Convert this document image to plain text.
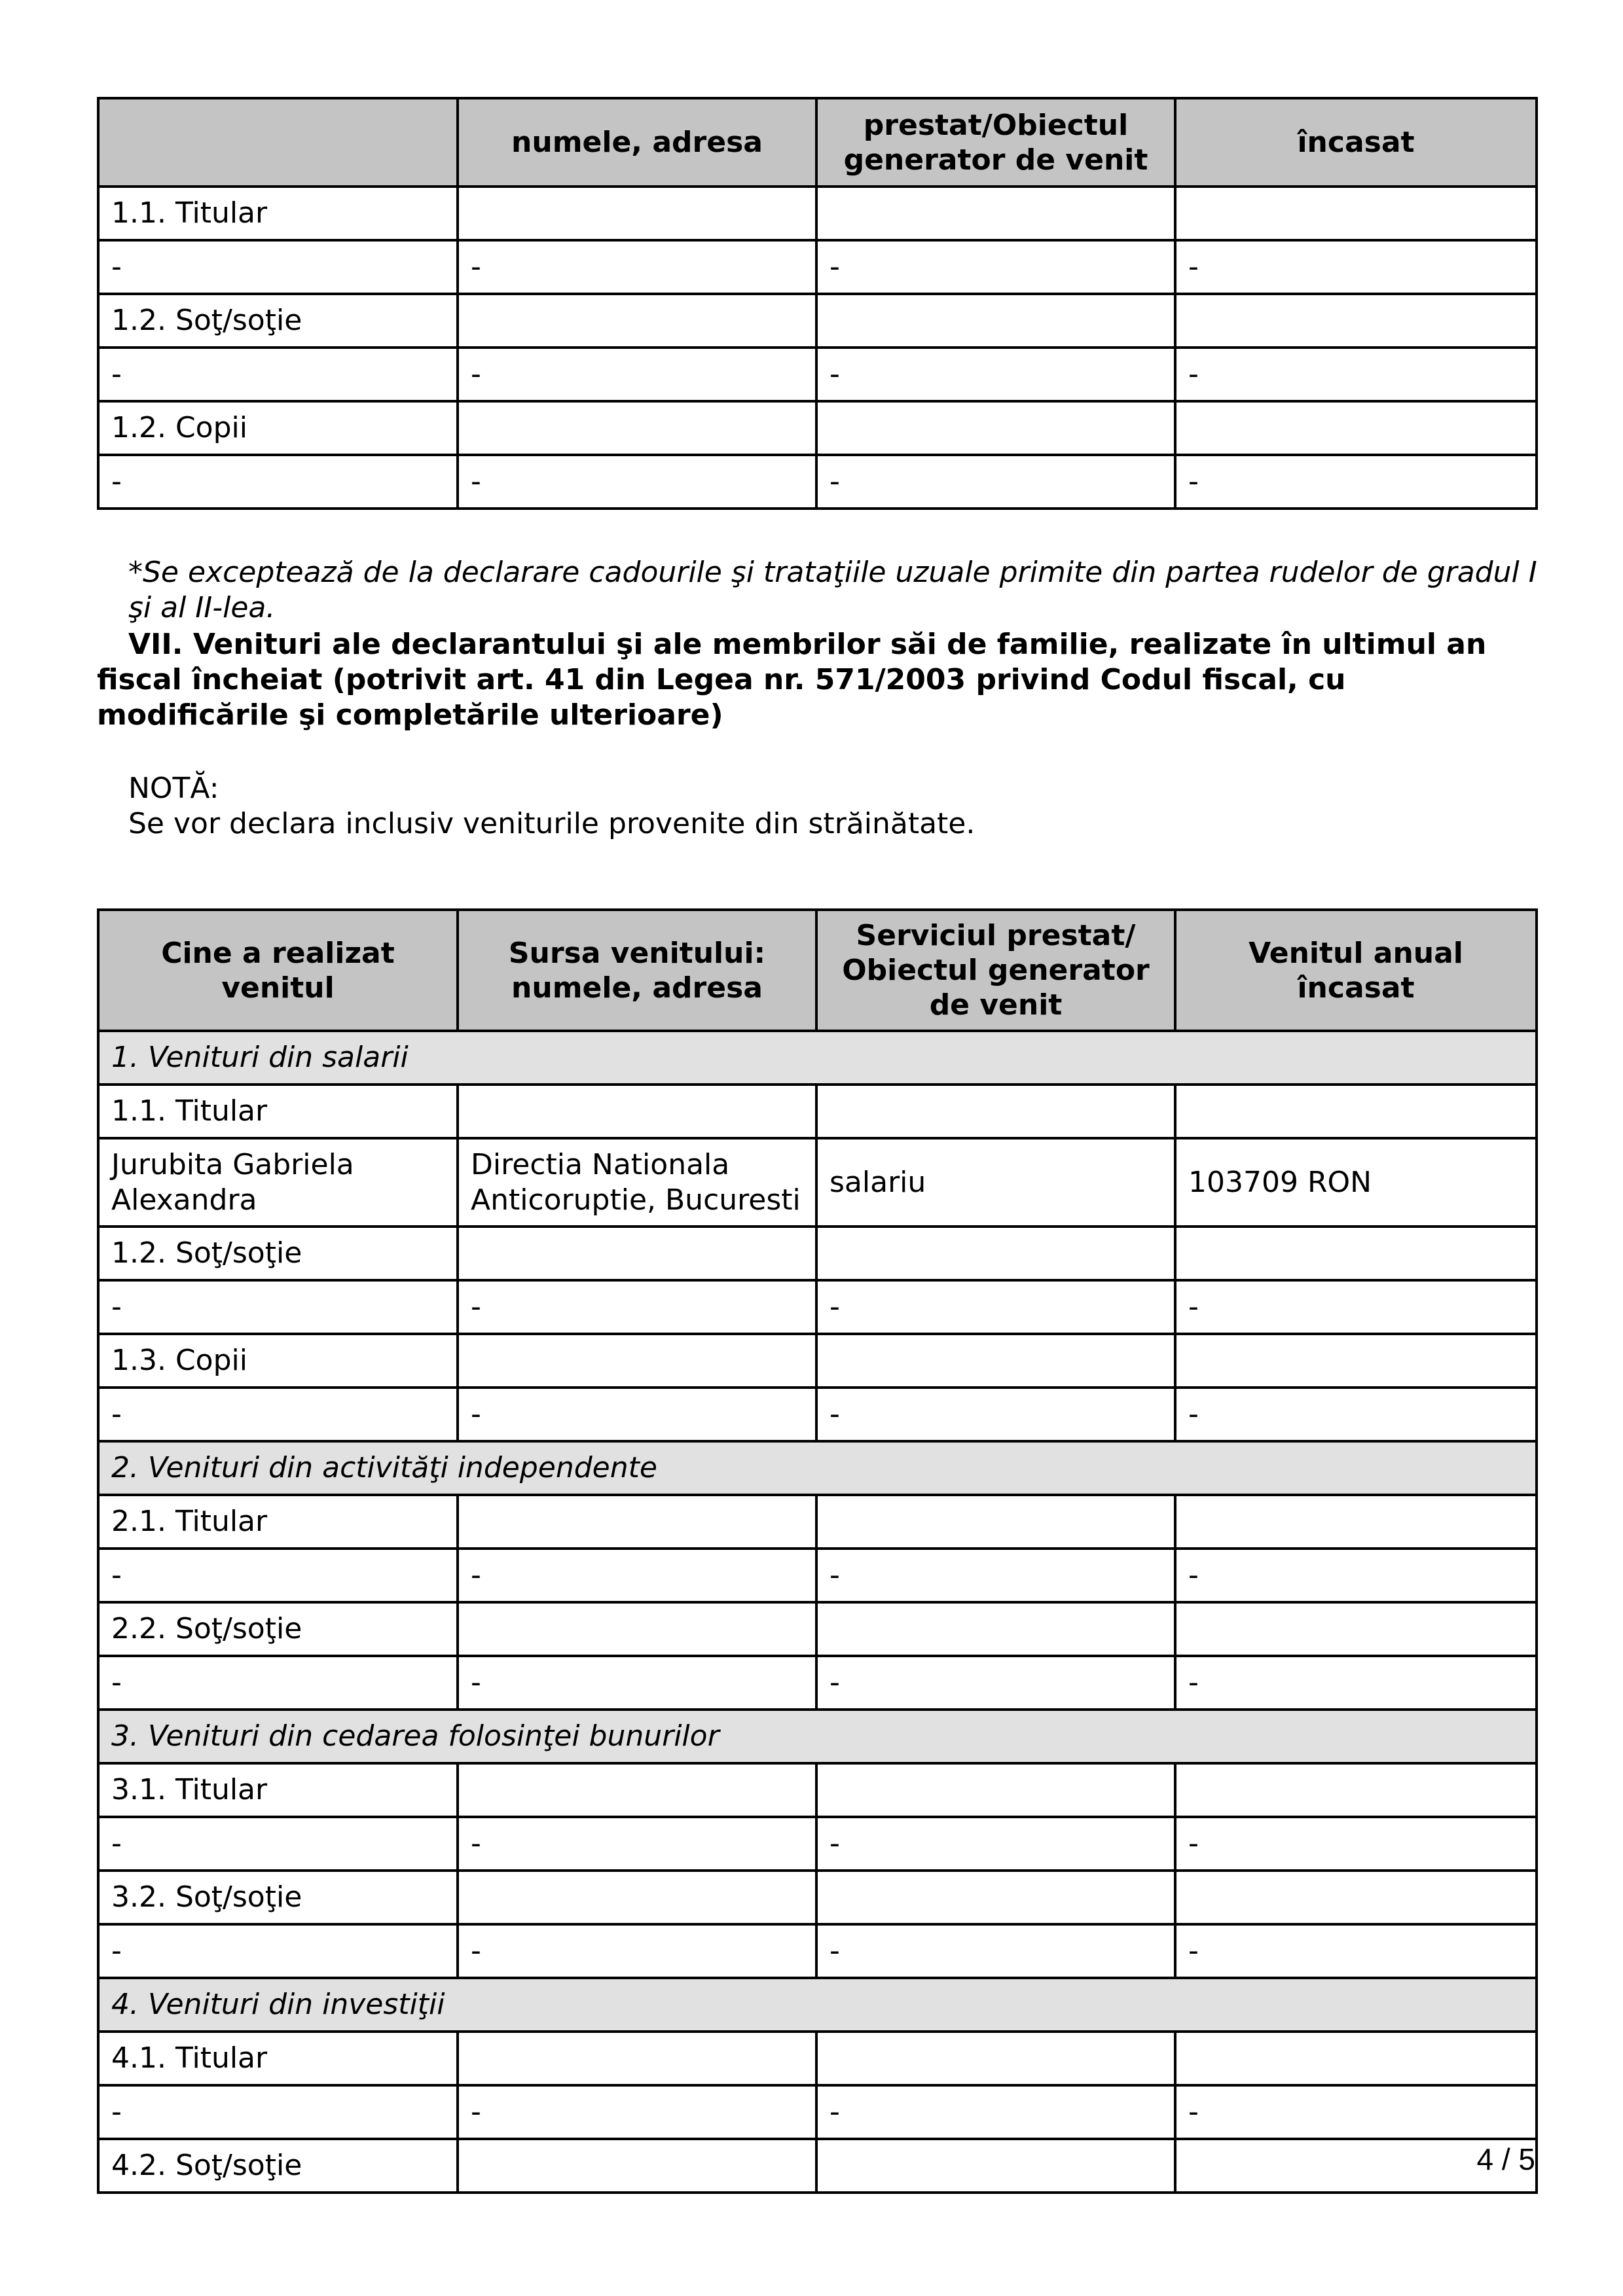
	numele, adresa	prestat/Obiectul generator de venit	încasat
1.1. Titular			
-	-	-	-
1.2. Soţ/soţie			
-	-	-	-
1.2. Copii			
-	-	-	-
*Se exceptează de la declarare cadourile şi trataţiile uzuale primite din partea rudelor de gradul I şi al II-lea.
VII. Venituri ale declarantului şi ale membrilor săi de familie, realizate în ultimul an fiscal încheiat (potrivit art. 41 din Legea nr. 571/2003 privind Codul fiscal, cu modificările şi completările ulterioare)
NOTĂ:
Se vor declara inclusiv veniturile provenite din străinătate.
Cine a realizat venitul	Sursa venitului: numele, adresa	Serviciul prestat/ Obiectul generator de venit	Venitul anual încasat
1. Venituri din salarii			
1.1. Titular			
Jurubita Gabriela Alexandra	Directia Nationala Anticoruptie, Bucuresti	salariu	103709 RON
1.2. Soţ/soţie			
-	-	-	-
1.3. Copii			
-	-	-	-
2. Venituri din activităţi independente			
2.1. Titular			
-	-	-	-
2.2. Soţ/soţie			
-	-	-	-
3. Venituri din cedarea folosinţei bunurilor			
3.1. Titular			
-	-	-	-
3.2. Soţ/soţie			
-	-	-	-
4. Venituri din investiţii			
4.1. Titular			
-	-	-	-
4.2. Soţ/soţie				4 / 5
